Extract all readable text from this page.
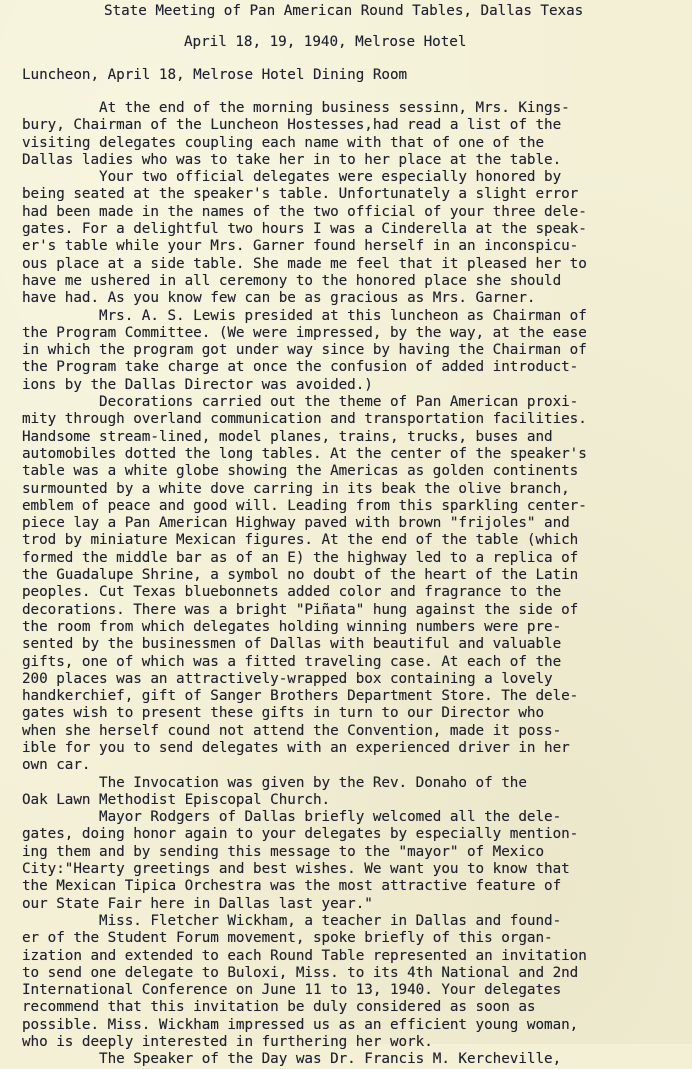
State Meeting of Pan American Round Tables, Dallas Texas
April 18, 19, 1940, Melrose Hotel
Luncheon, April 18, Melrose Hotel Dining Room
At the end of the morning business sessinn, Mrs. Kings-
bury, Chairman of the Luncheon Hostesses,had read a list of the
visiting delegates coupling each name with that of one of the
Dallas ladies who was to take her in to her place at the table.
Your two official delegates were especially honored by
being seated at the speaker's table. Unfortunately a slight error
had been made in the names of the two official of your three dele-
gates. For a delightful two hours I was a Cinderella at the speak-
er's table while your Mrs. Garner found herself in an inconspicu-
ous place at a side table. She made me feel that it pleased her to
have me ushered in all ceremony to the honored place she should
have had. As you know few can be as gracious as Mrs. Garner.
Mrs. A. S. Lewis presided at this luncheon as Chairman of
the Program Committee. (We were impressed, by the way, at the ease
in which the program got under way since by having the Chairman of
the Program take charge at once the confusion of added introduct-
ions by the Dallas Director was avoided.)
Decorations carried out the theme of Pan American proxi-
mity through overland communication and transportation facilities.
Handsome stream-lined, model planes, trains, trucks, buses and
automobiles dotted the long tables. At the center of the speaker's
table was a white globe showing the Americas as golden continents
surmounted by a white dove carring in its beak the olive branch,
emblem of peace and good will. Leading from this sparkling center-
piece lay a Pan American Highway paved with brown "frijoles" and
trod by miniature Mexican figures. At the end of the table (which
formed the middle bar as of an E) the highway led to a replica of
the Guadalupe Shrine, a symbol no doubt of the heart of the Latin
peoples. Cut Texas bluebonnets added color and fragrance to the
decorations. There was a bright "Piñata" hung against the side of
the room from which delegates holding winning numbers were pre-
sented by the businessmen of Dallas with beautiful and valuable
gifts, one of which was a fitted traveling case. At each of the
200 places was an attractively-wrapped box containing a lovely
handkerchief, gift of Sanger Brothers Department Store. The dele-
gates wish to present these gifts in turn to our Director who
when she herself cound not attend the Convention, made it poss-
ible for you to send delegates with an experienced driver in her
own car.
The Invocation was given by the Rev. Donaho of the
Oak Lawn Methodist Episcopal Church.
Mayor Rodgers of Dallas briefly welcomed all the dele-
gates, doing honor again to your delegates by especially mention-
ing them and by sending this message to the "mayor" of Mexico
City:"Hearty greetings and best wishes. We want you to know that
the Mexican Tipica Orchestra was the most attractive feature of
our State Fair here in Dallas last year."
Miss. Fletcher Wickham, a teacher in Dallas and found-
er of the Student Forum movement, spoke briefly of this organ-
ization and extended to each Round Table represented an invitation
to send one delegate to Buloxi, Miss. to its 4th National and 2nd
International Conference on June 11 to 13, 1940. Your delegates
recommend that this invitation be duly considered as soon as
possible. Miss. Wickham impressed us as an efficient young woman,
who is deeply interested in furthering her work.
The Speaker of the Day was Dr. Francis M. Kercheville,
